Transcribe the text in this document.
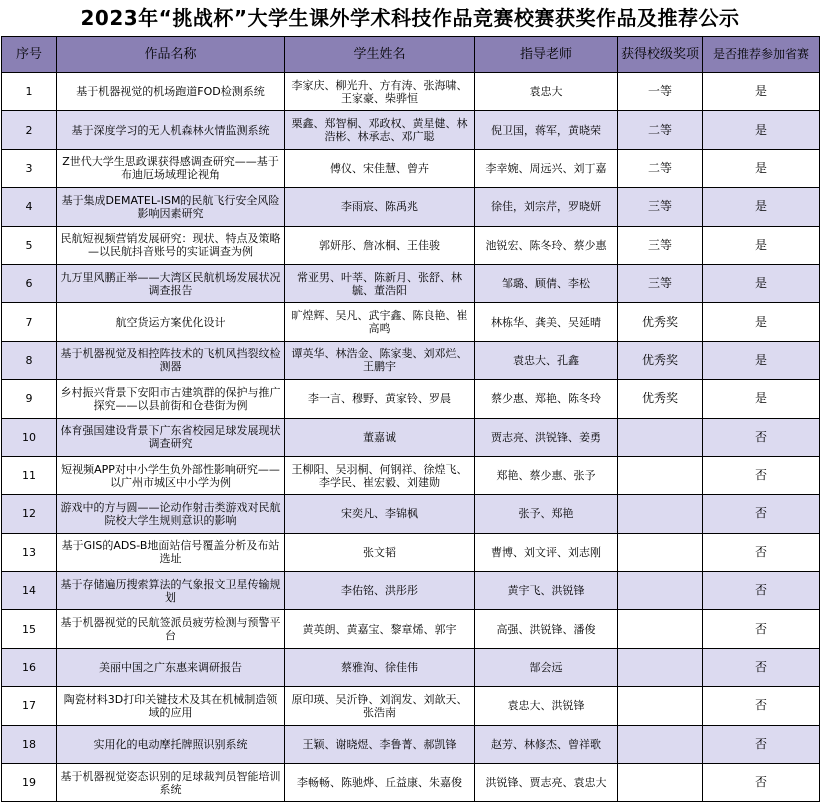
2023年“挑战杯”大学生课外学术科技作品竞赛校赛获奖作品及推荐公示
序号	作品名称	学生姓名	指导老师	获得校级奖项	是否推荐参加省赛
1	基于机器视觉的机场跑道FOD检测系统	李家庆、柳光升、方有涛、张海啸、王家豪、柴骅恒	袁忠大	一等	是
2	基于深度学习的无人机森林火情监测系统	栗鑫、郑智桐、邓政权、黄星健、林浩彬、林承志、邓广聪	倪卫国，蒋军，黄晓荣	二等	是
3	Z世代大学生思政课获得感调查研究——基于布迪厄场域理论视角	傅仪、宋佳慧、曾卉	李幸婉、周远兴、刘丁嘉	二等	是
4	基于集成DEMATEL-ISM的民航飞行安全风险影响因素研究	李雨宸、陈禹兆	徐佳，刘宗芹，罗晓妍	三等	是
5	民航短视频营销发展研究：现状、特点及策略—以民航抖音账号的实证调查为例	郭妍彤、詹冰桐、王佳骏	池锐宏、陈冬玲、蔡少惠	三等	是
6	九万里风鹏正举——大湾区民航机场发展状况调查报告	常亚男、叶莘、陈新月、张舒、林毓、董浩阳	邹璐、顾倩、李松	三等	是
7	航空货运方案优化设计	旷煌辉、吴凡、武宇鑫、陈良艳、崔高鸣	林栋华、龚美、吴延晴	优秀奖	是
8	基于机器视觉及相控阵技术的飞机风挡裂纹检测器	谭英华、林浩金、陈家斐、刘邓烂、王鹏宇	袁忠大、孔鑫	优秀奖	是
9	乡村振兴背景下安阳市古建筑群的保护与推广探究——以县前街和仓巷街为例	李一言、穆野、黄家铃、罗晨	蔡少惠、郑艳、陈冬玲	优秀奖	是
10	体育强国建设背景下广东省校园足球发展现状调查研究	董嘉诚	贾志亮、洪锐锋、姜勇		否
11	短视频APP对中小学生负外部性影响研究——以广州市城区中小学为例	王柳阳、吴羽桐、何钢祥、徐煌飞、李学民、崔宏毅、刘建勋	郑艳、蔡少惠、张予		否
12	游戏中的方与圆——论动作射击类游戏对民航院校大学生规则意识的影响	宋奕凡、李锦枫	张予、郑艳		否
13	基于GIS的ADS-B地面站信号覆盖分析及布站选址	张文韬	曹博、刘文评、刘志刚		否
14	基于存储遍历搜索算法的气象报文卫星传输规划	李佑铭、洪彤彤	黄宇飞、洪锐锋		否
15	基于机器视觉的民航签派员疲劳检测与预警平台	黄英朗、黄嘉宝、黎章烯、郭宇	高强、洪锐锋、潘俊		否
16	美丽中国之广东惠来调研报告	蔡雅洵、徐佳伟	郜会远		否
17	陶瓷材料3D打印关键技术及其在机械制造领域的应用	原印瑛、吴沂铮、刘润发、刘歆天、张浩南	袁忠大、洪锐锋		否
18	实用化的电动摩托牌照识别系统	王颖、谢晓煜、李鲁菁、郝凯锋	赵芳、林修杰、曾祥歌		否
19	基于机器视觉姿态识别的足球裁判员智能培训系统	李畅畅、陈驰烨、丘益康、朱嘉俊	洪锐锋、贾志亮、袁忠大		否
